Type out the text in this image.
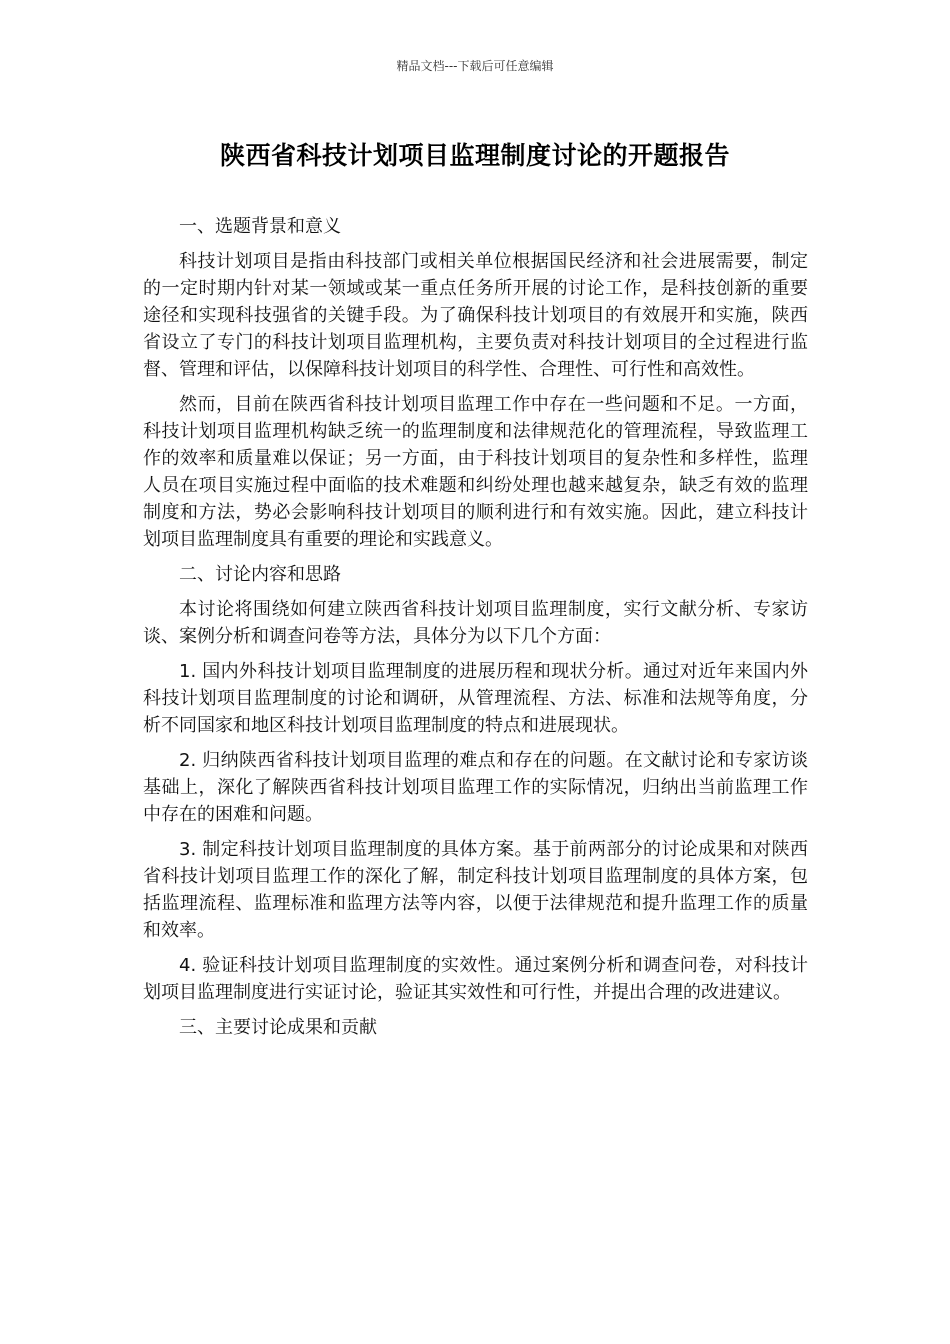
精品文档---下载后可任意编辑
陕西省科技计划项目监理制度讨论的开题报告
一、选题背景和意义

科技计划项目是指由科技部门或相关单位根据国民经济和社会进展需要，制定的一定时期内针对某一领域或某一重点任务所开展的讨论工作，是科技创新的重要途径和实现科技强省的关键手段。为了确保科技计划项目的有效展开和实施，陕西省设立了专门的科技计划项目监理机构，主要负责对科技计划项目的全过程进行监督、管理和评估，以保障科技计划项目的科学性、合理性、可行性和高效性。

然而，目前在陕西省科技计划项目监理工作中存在一些问题和不足。一方面，科技计划项目监理机构缺乏统一的监理制度和法律规范化的管理流程，导致监理工作的效率和质量难以保证；另一方面，由于科技计划项目的复杂性和多样性，监理人员在项目实施过程中面临的技术难题和纠纷处理也越来越复杂，缺乏有效的监理制度和方法，势必会影响科技计划项目的顺利进行和有效实施。因此，建立科技计划项目监理制度具有重要的理论和实践意义。

二、讨论内容和思路

本讨论将围绕如何建立陕西省科技计划项目监理制度，实行文献分析、专家访谈、案例分析和调查问卷等方法，具体分为以下几个方面：

1. 国内外科技计划项目监理制度的进展历程和现状分析。通过对近年来国内外科技计划项目监理制度的讨论和调研，从管理流程、方法、标准和法规等角度，分析不同国家和地区科技计划项目监理制度的特点和进展现状。

2. 归纳陕西省科技计划项目监理的难点和存在的问题。在文献讨论和专家访谈基础上，深化了解陕西省科技计划项目监理工作的实际情况，归纳出当前监理工作中存在的困难和问题。

3. 制定科技计划项目监理制度的具体方案。基于前两部分的讨论成果和对陕西省科技计划项目监理工作的深化了解，制定科技计划项目监理制度的具体方案，包括监理流程、监理标准和监理方法等内容，以便于法律规范和提升监理工作的质量和效率。

4. 验证科技计划项目监理制度的实效性。通过案例分析和调查问卷，对科技计划项目监理制度进行实证讨论，验证其实效性和可行性，并提出合理的改进建议。

三、主要讨论成果和贡献
